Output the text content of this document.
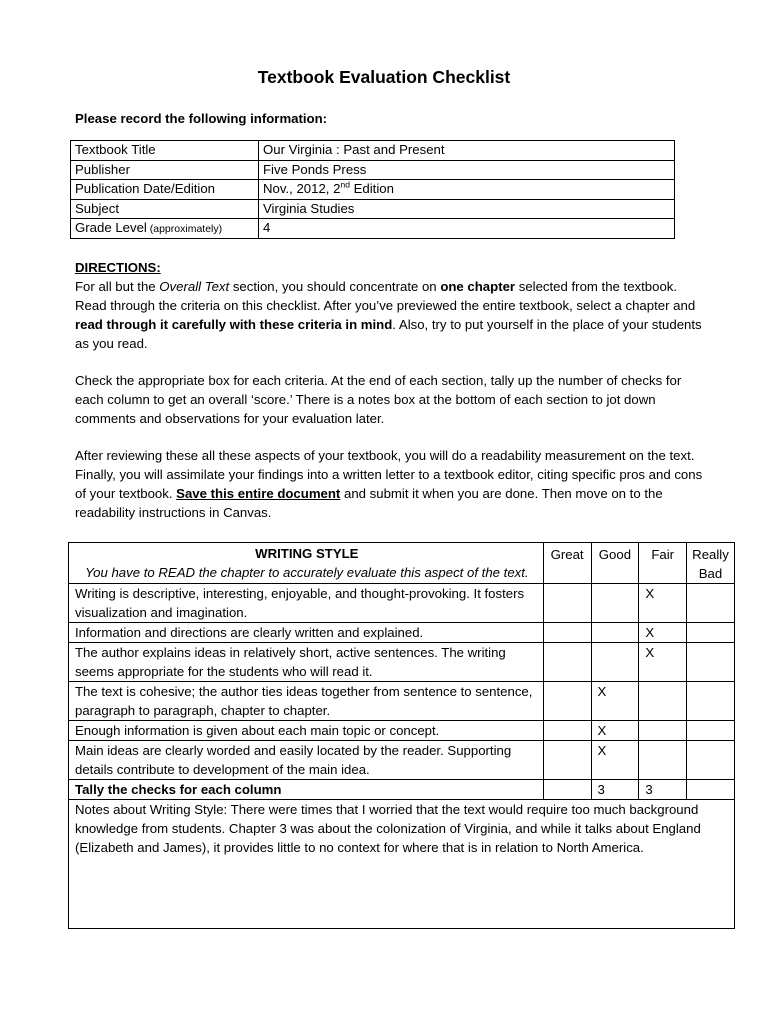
Textbook Evaluation Checklist
Please record the following information:
Textbook Title	Our Virginia : Past and Present
Publisher	Five Ponds Press
Publication Date/Edition	Nov., 2012, 2nd Edition
Subject	Virginia Studies
Grade Level (approximately)	4
DIRECTIONS:

For all but the Overall Text section, you should concentrate on one chapter selected from the textbook. Read through the criteria on this checklist. After you’ve previewed the entire textbook, select a chapter and read through it carefully with these criteria in mind. Also, try to put yourself in the place of your students as you read.

Check the appropriate box for each criteria. At the end of each section, tally up the number of checks for each column to get an overall ‘score.’ There is a notes box at the bottom of each section to jot down comments and observations for your evaluation later.

After reviewing these all these aspects of your textbook, you will do a readability measurement on the text. Finally, you will assimilate your findings into a written letter to a textbook editor, citing specific pros and cons of your textbook. Save this entire document and submit it when you are done. Then move on to the readability instructions in Canvas.

WRITING STYLE
You have to READ the chapter to accurately evaluate this aspect of the text.	Great	Good	Fair	Really Bad
Writing is descriptive, interesting, enjoyable, and thought-provoking. It fosters visualization and imagination.			X	
Information and directions are clearly written and explained.			X	
The author explains ideas in relatively short, active sentences. The writing seems appropriate for the students who will read it.			X	
The text is cohesive; the author ties ideas together from sentence to sentence, paragraph to paragraph, chapter to chapter.		X		
Enough information is given about each main topic or concept.		X		
Main ideas are clearly worded and easily located by the reader. Supporting details contribute to development of the main idea.		X		
Tally the checks for each column		3	3	
Notes about Writing Style: There were times that I worried that the text would require too much background knowledge from students. Chapter 3 was about the colonization of Virginia, and while it talks about England (Elizabeth and James), it provides little to no context for where that is in relation to North America.				
